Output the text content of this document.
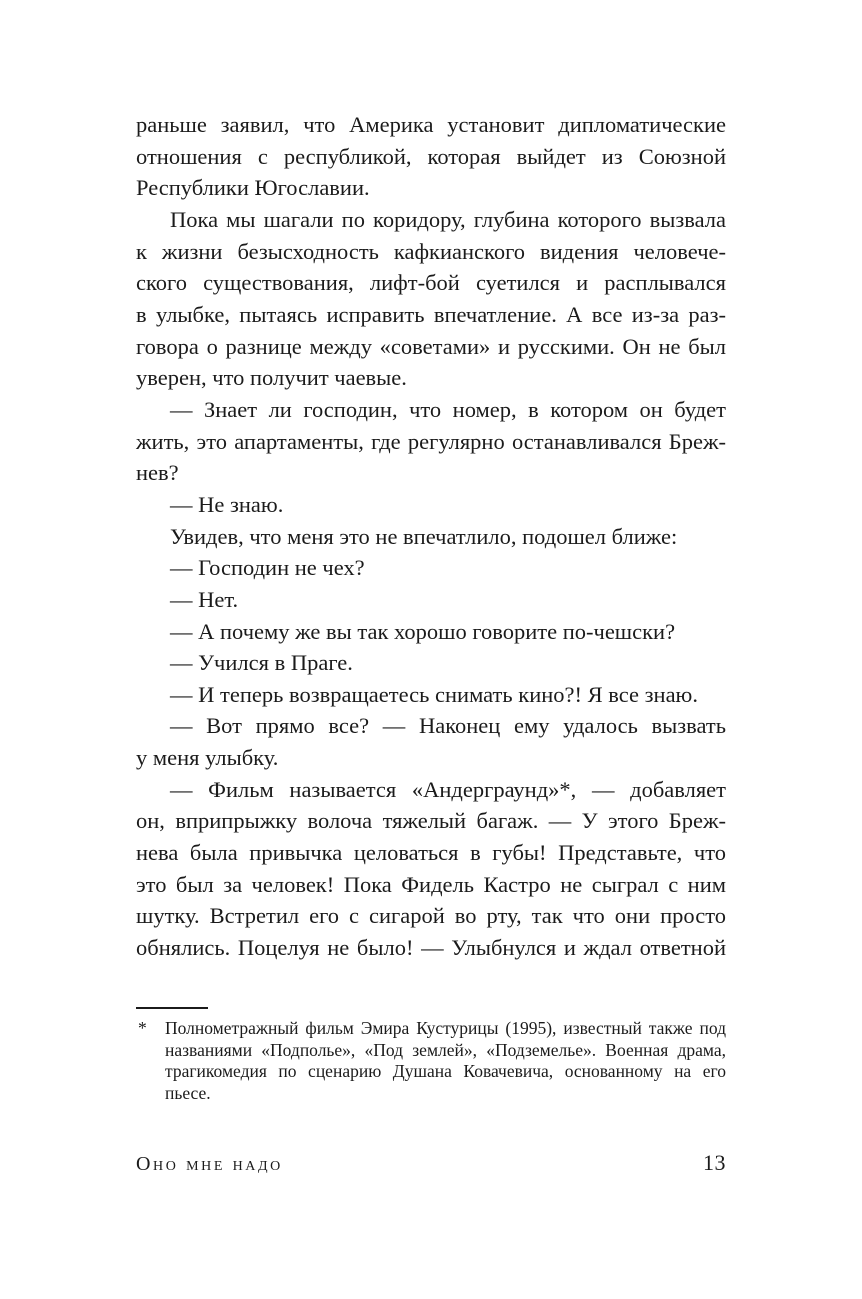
раньше заявил, что Америка установит дипломатические
отношения с республикой, которая выйдет из Союзной
Республики Югославии.
Пока мы шагали по коридору, глубина которого вызвала
к жизни безысходность кафкианского видения человече-
ского существования, лифт-бой суетился и расплывался
в улыбке, пытаясь исправить впечатление. А все из-за раз-
говора о разнице между «советами» и русскими. Он не был
уверен, что получит чаевые.
— Знает ли господин, что номер, в котором он будет
жить, это апартаменты, где регулярно останавливался Бреж-
нев?
— Не знаю.
Увидев, что меня это не впечатлило, подошел ближе:
— Господин не чех?
— Нет.
— А почему же вы так хорошо говорите по-чешски?
— Учился в Праге.
— И теперь возвращаетесь снимать кино?! Я все знаю.
— Вот прямо все? — Наконец ему удалось вызвать
у меня улыбку.
— Фильм называется «Андерграунд»*, — добавляет
он, вприпрыжку волоча тяжелый багаж. — У этого Бреж-
нева была привычка целоваться в губы! Представьте, что
это был за человек! Пока Фидель Кастро не сыграл с ним
шутку. Встретил его с сигарой во рту, так что они просто
обнялись. Поцелуя не было! — Улыбнулся и ждал ответной
* Полнометражный фильм Эмира Кустурицы (1995), известный также под
названиями «Подполье», «Под землей», «Подземелье». Военная драма,
трагикомедия по сценарию Душана Ковачевича, основанному на его
пьесе.
Оно мне надо	13
